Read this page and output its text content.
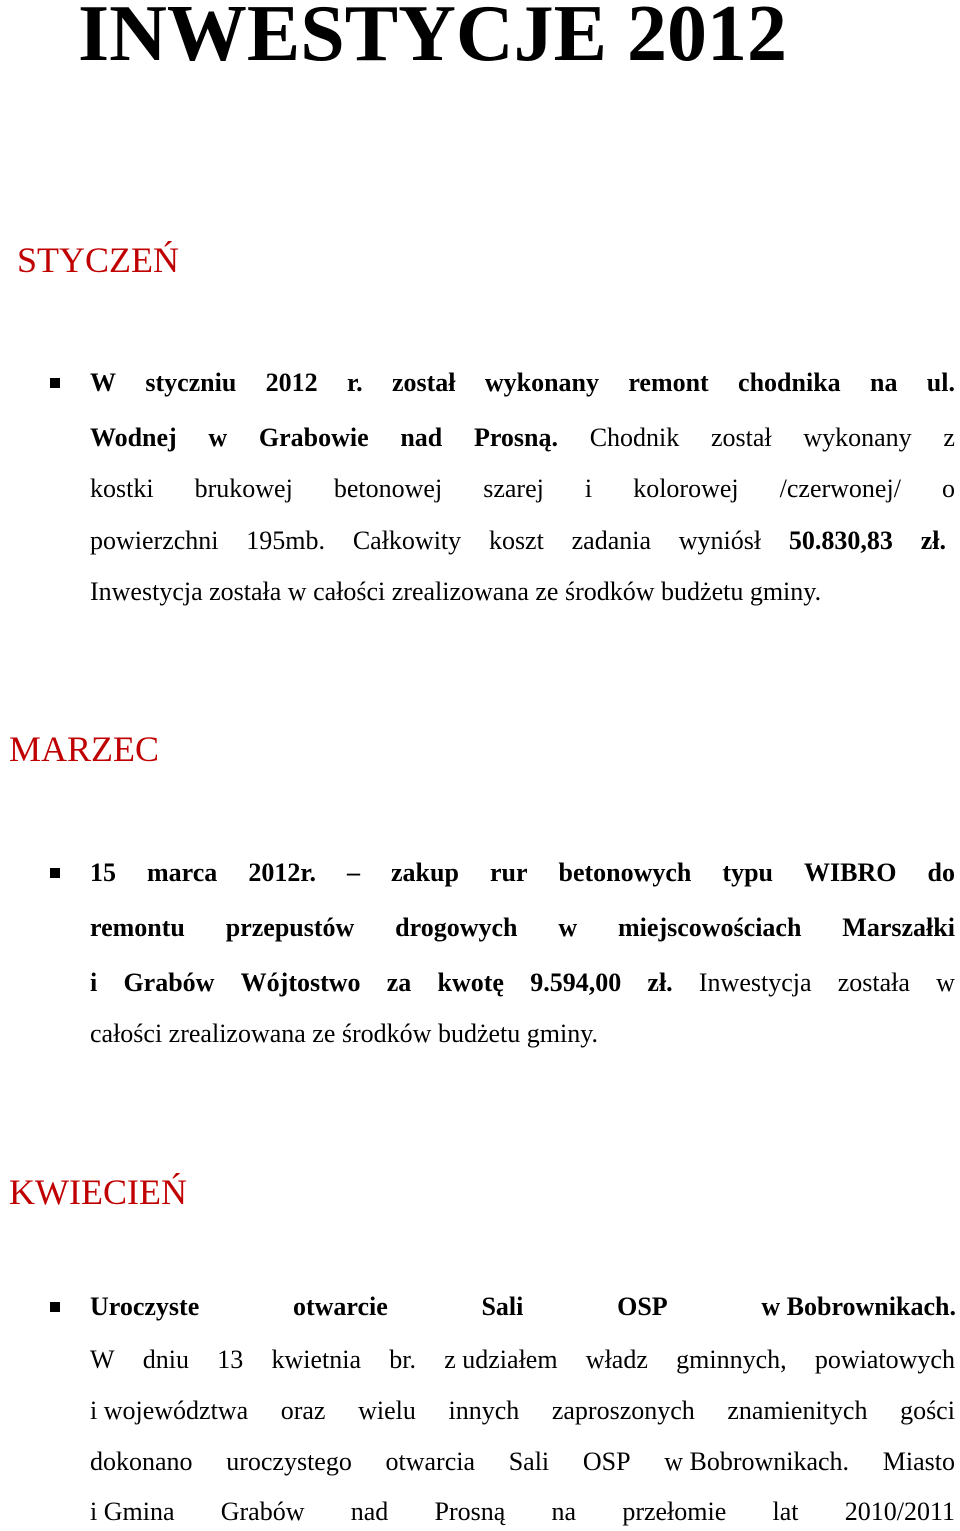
INWESTYCJE 2012
STYCZEŃ
W styczniu 2012 r. został wykonany remont chodnika na ul.
Wodnej w Grabowie nad Prosną. Chodnik został wykonany z
kostki brukowej betonowej szarej i kolorowej /czerwonej/ o
powierzchni 195mb. Całkowity koszt zadania wyniósł 50.830,83 zł.
Inwestycja zostałа w całości zrealizowana ze środków budżetu gminy.
MARZEC
15 marca 2012r. – zakup rur betonowych typu WIBRO do
remontu przepustów drogowych w miejscowościach Marszałki
i Grabów Wójtostwo za kwotę 9.594,00 zł. Inwestycja została w
całości zrealizowana ze środków budżetu gminy.
KWIECIEŃ
Uroczyste	otwarcie	Sali	OSP	w Bobrownikach.
W dniu 13 kwietnia br. z udziałem władz gminnych, powiatowych
i województwa oraz wielu innych zaproszonych znamienitych gości
dokonano uroczystego otwarcia Sali OSP w Bobrownikach. Miasto
i Gmina Grabów nad Prosną na przełomie lat 2010/2011
